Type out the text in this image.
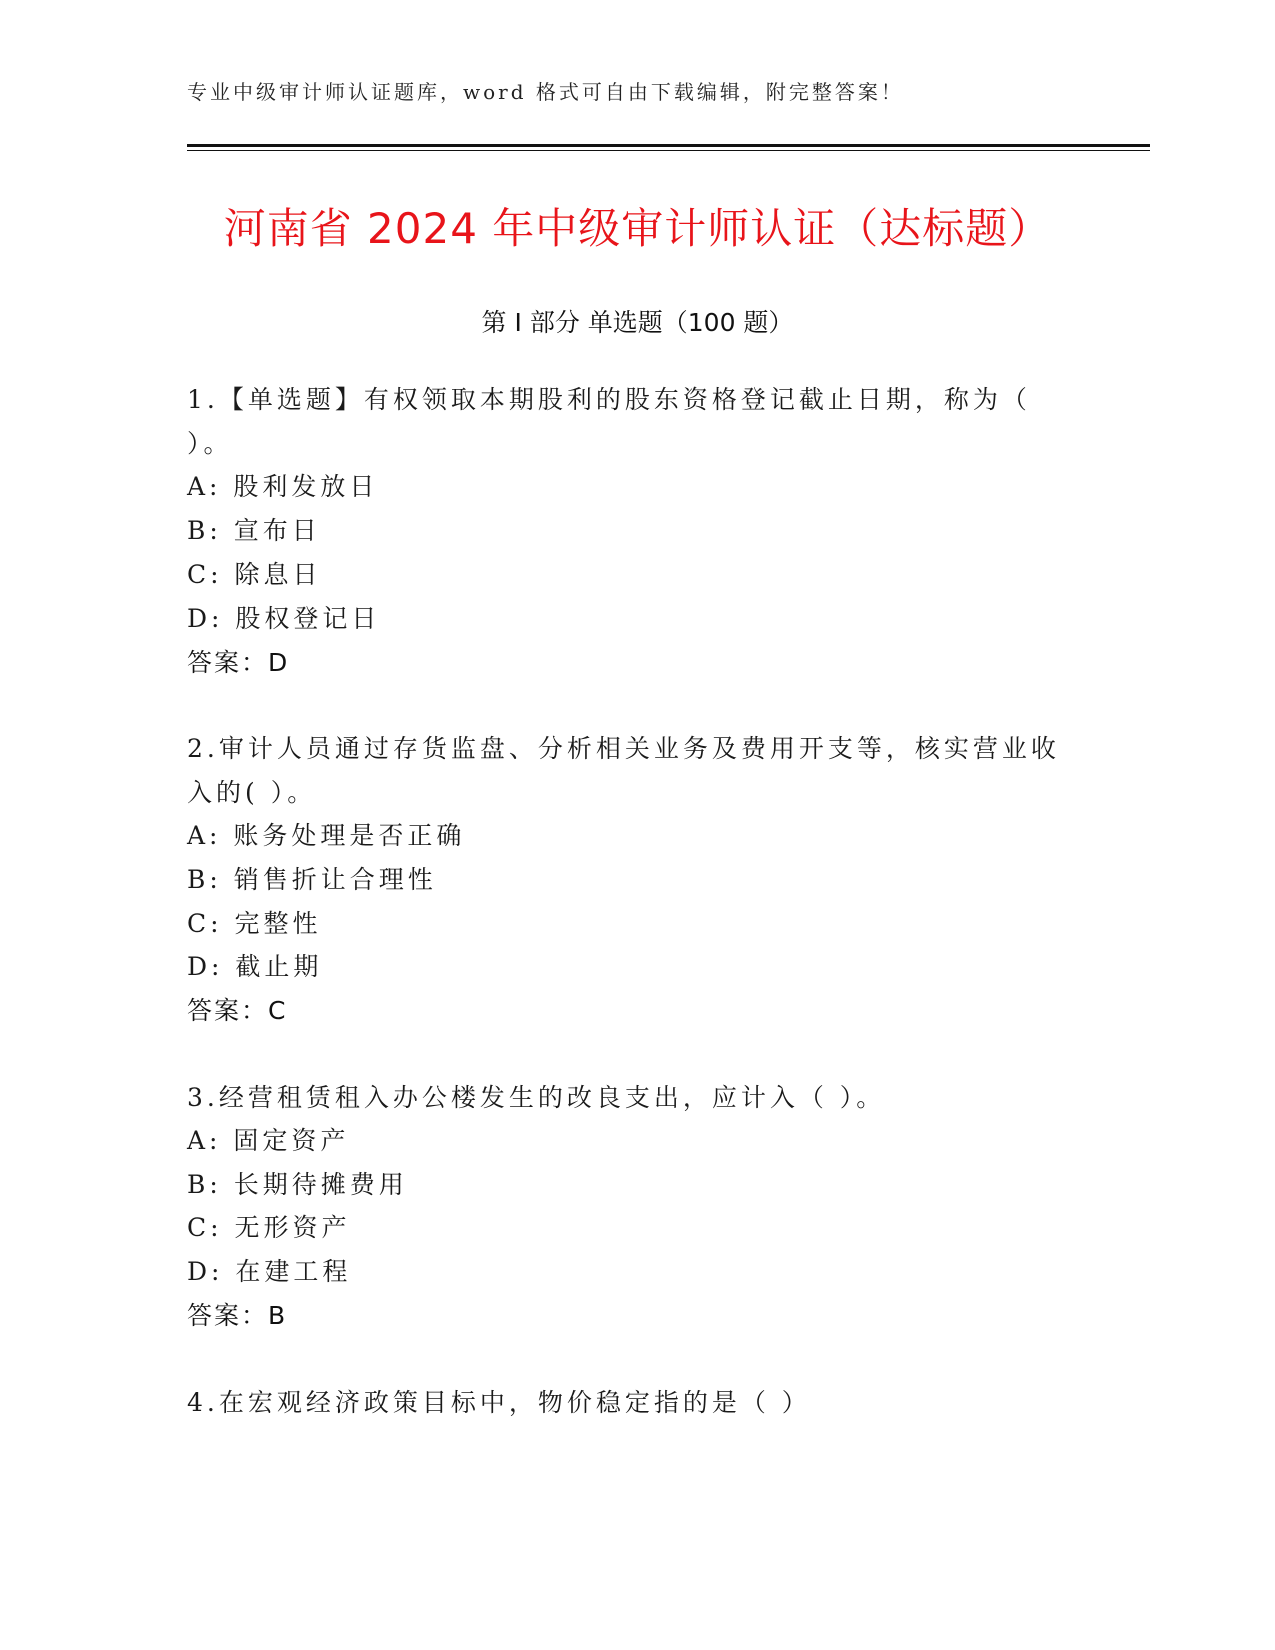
专业中级审计师认证题库，word 格式可自由下载编辑，附完整答案！
河南省 2024 年中级审计师认证（达标题）
第 I 部分 单选题（100 题）
1.【单选题】有权领取本期股利的股东资格登记截止日期，称为（
）。
A: 股利发放日
B: 宣布日
C: 除息日
D: 股权登记日
答案：D
2.审计人员通过存货监盘、分析相关业务及费用开支等，核实营业收
入的( ）。
A: 账务处理是否正确
B: 销售折让合理性
C: 完整性
D: 截止期
答案：C
3.经营租赁租入办公楼发生的改良支出，应计入（ ）。
A: 固定资产
B: 长期待摊费用
C: 无形资产
D: 在建工程
答案：B
4.在宏观经济政策目标中，物价稳定指的是（ ）
